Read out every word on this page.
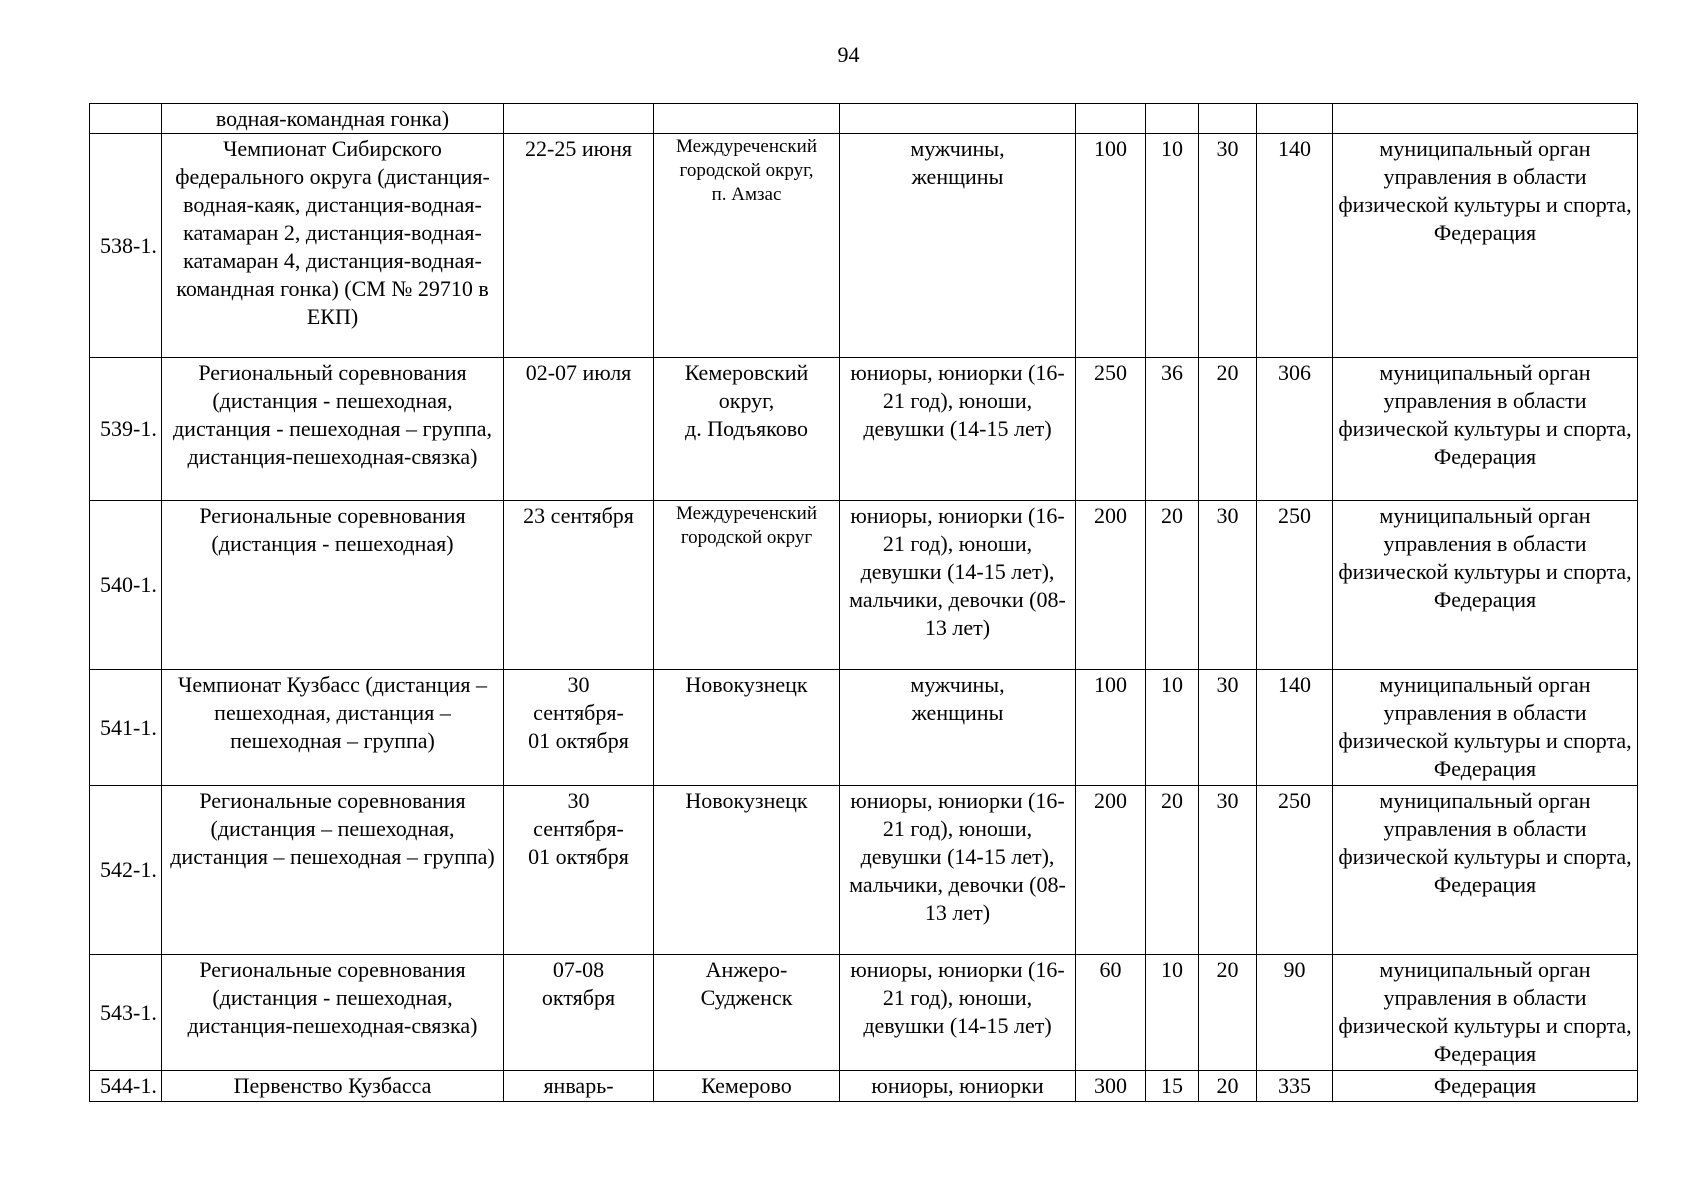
94
	водная-командная гонка)								
538-1.	Чемпионат Сибирского федерального округа (дистанция-водная-каяк, дистанция-водная-катамаран 2, дистанция-водная-катамаран 4, дистанция-водная-командная гонка) (СМ № 29710 в ЕКП)	22-25 июня	Междуреченский городской округ,
п. Амзас	мужчины,
женщины	100	10	30	140	муниципальный орган управления в области физической культуры и спорта, Федерация
539-1.	Региональный соревнования (дистанция - пешеходная, дистанция - пешеходная – группа, дистанция-пешеходная-связка)	02-07 июля	Кемеровский округ,
д. Подъяково	юниоры, юниорки (16-21 год), юноши, девушки (14-15 лет)	250	36	20	306	муниципальный орган управления в области физической культуры и спорта, Федерация
540-1.	Региональные соревнования (дистанция - пешеходная)	23 сентября	Междуреченский городской округ	юниоры, юниорки (16-21 год), юноши, девушки (14-15 лет), мальчики, девочки (08-13 лет)	200	20	30	250	муниципальный орган управления в области физической культуры и спорта, Федерация
541-1.	Чемпионат Кузбасс (дистанция – пешеходная, дистанция – пешеходная – группа)	30
сентября-
01 октября	Новокузнецк	мужчины,
женщины	100	10	30	140	муниципальный орган управления в области физической культуры и спорта, Федерация
542-1.	Региональные соревнования (дистанция – пешеходная, дистанция – пешеходная – группа)	30
сентября-
01 октября	Новокузнецк	юниоры, юниорки (16-21 год), юноши, девушки (14-15 лет), мальчики, девочки (08-13 лет)	200	20	30	250	муниципальный орган управления в области физической культуры и спорта, Федерация
543-1.	Региональные соревнования (дистанция - пешеходная, дистанция-пешеходная-связка)	07-08
октября	Анжеро-
Судженск	юниоры, юниорки (16-21 год), юноши, девушки (14-15 лет)	60	10	20	90	муниципальный орган управления в области физической культуры и спорта, Федерация
544-1.	Первенство Кузбасса	январь-	Кемерово	юниоры, юниорки	300	15	20	335	Федерация
